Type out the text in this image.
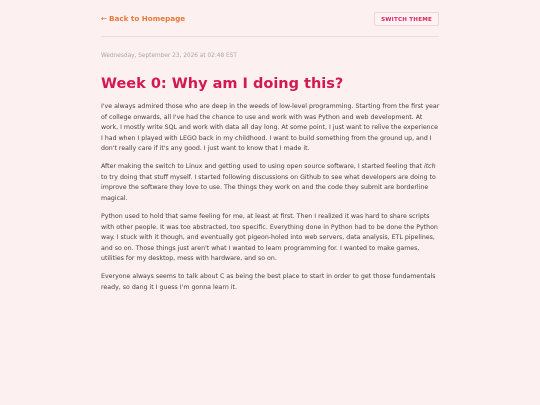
← Back to Homepage	SWITCH THEME
Wednesday, September 23, 2026 at 02:48 EST
Week 0: Why am I doing this?

I've always admired those who are deep in the weeds of low-level programming. Starting from the first year of college onwards, all I've had the chance to use and work with was Python and web development. At work, I mostly write SQL and work with data all day long. At some point, I just want to relive the experience I had when I played with LEGO back in my childhood. I want to build something from the ground up, and I don't really care if it's any good. I just want to know that I made it.

After making the switch to Linux and getting used to using open source software, I started feeling that itch to try doing that stuff myself. I started following discussions on Github to see what developers are doing to improve the software they love to use. The things they work on and the code they submit are borderline magical.

Python used to hold that same feeling for me, at least at first. Then I realized it was hard to share scripts with other people. It was too abstracted, too specific. Everything done in Python had to be done the Python way. I stuck with it though, and eventually got pigeon-holed into web servers, data analysis, ETL pipelines, and so on. Those things just aren't what I wanted to learn programming for. I wanted to make games, utilities for my desktop, mess with hardware, and so on.

Everyone always seems to talk about C as being the best place to start in order to get those fundamentals ready, so dang it I guess I'm gonna learn it.
